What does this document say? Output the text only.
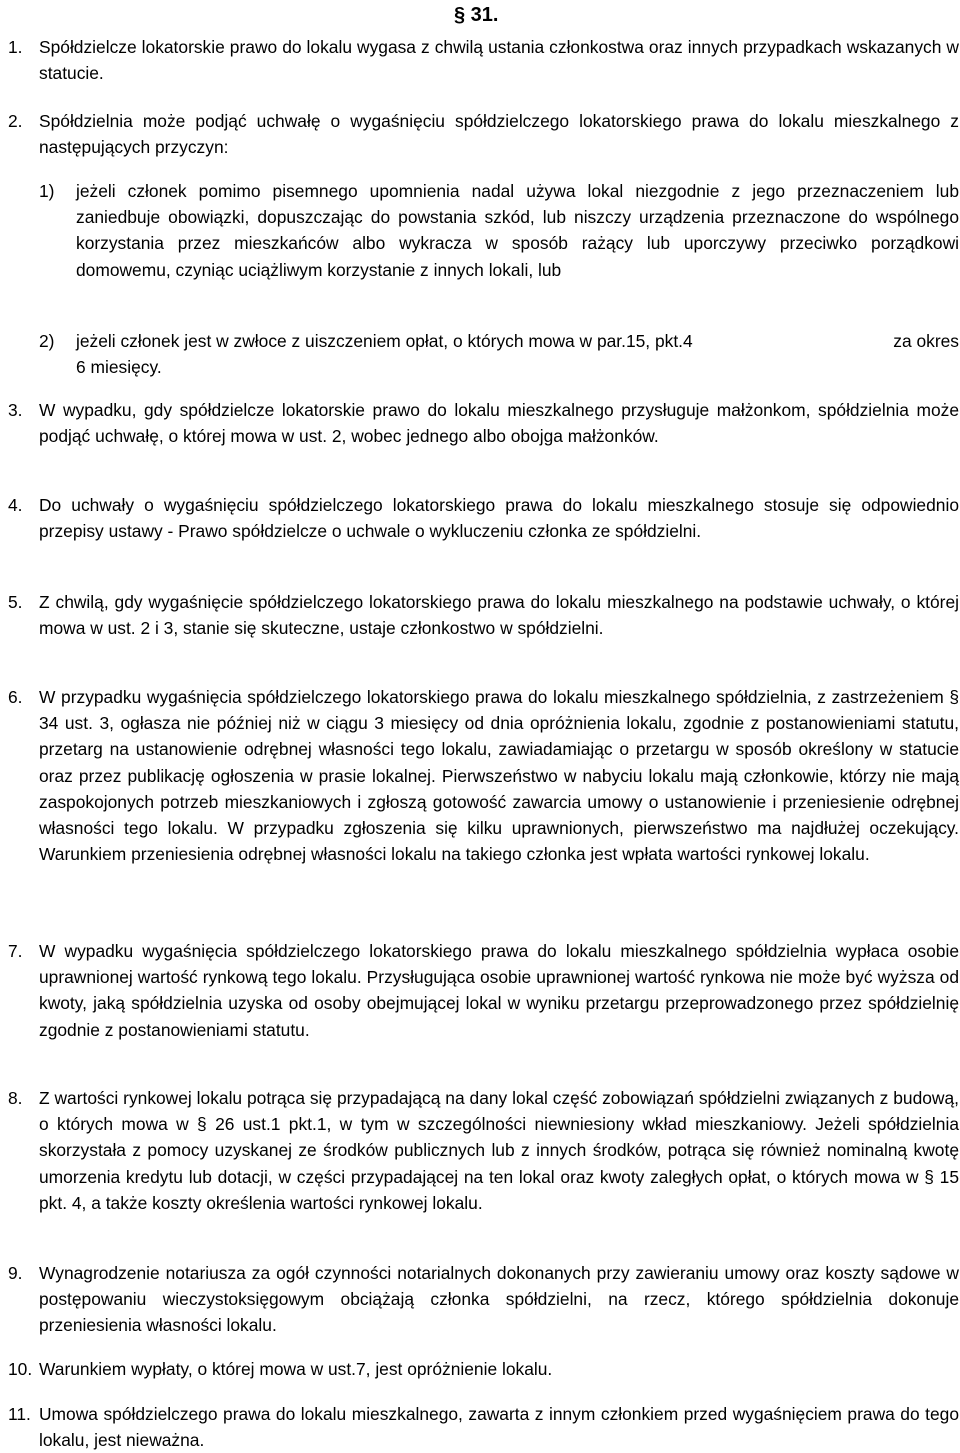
§ 31.
1. Spółdzielcze lokatorskie prawo do lokalu wygasa z chwilą ustania członkostwa oraz innych przypadkach wskazanych w statucie.
2. Spółdzielnia może podjąć uchwałę o wygaśnięciu spółdzielczego lokatorskiego prawa do lokalu mieszkalnego z następujących przyczyn:
1)	jeżeli członek pomimo pisemnego upomnienia nadal używa lokal niezgodnie z jego przeznaczeniem lub zaniedbuje obowiązki, dopuszczając do powstania szkód, lub niszczy urządzenia przeznaczone do wspólnego korzystania przez mieszkańców albo wykracza w sposób rażący lub uporczywy przeciwko porządkowi domowemu, czyniąc uciążliwym korzystanie z innych lokali, lub
2)	jeżeli członek jest w zwłoce z uiszczeniem opłat, o których mowa w par.15, pkt.4	za okres
6 miesięcy.
3. W wypadku, gdy spółdzielcze lokatorskie prawo do lokalu mieszkalnego przysługuje małżonkom, spółdzielnia może podjąć uchwałę, o której mowa w ust. 2, wobec jednego albo obojga małżonków.
4. Do uchwały o wygaśnięciu spółdzielczego lokatorskiego prawa do lokalu mieszkalnego stosuje się odpowiednio przepisy ustawy - Prawo spółdzielcze o uchwale o wykluczeniu członka ze spółdzielni.
5. Z chwilą, gdy wygaśnięcie spółdzielczego lokatorskiego prawa do lokalu mieszkalnego na podstawie uchwały, o której mowa w ust. 2 i 3, stanie się skuteczne, ustaje członkostwo w spółdzielni.
6. W przypadku wygaśnięcia spółdzielczego lokatorskiego prawa do lokalu mieszkalnego spółdzielnia, z zastrzeżeniem § 34 ust. 3, ogłasza nie później niż w ciągu 3 miesięcy od dnia opróżnienia lokalu, zgodnie z postanowieniami statutu, przetarg na ustanowienie odrębnej własności tego lokalu, zawiadamiając o przetargu w sposób określony w statucie oraz przez publikację ogłoszenia w prasie lokalnej. Pierwszeństwo w nabyciu lokalu mają członkowie, którzy nie mają zaspokojonych potrzeb mieszkaniowych i zgłoszą gotowość zawarcia umowy o ustanowienie i przeniesienie odrębnej własności tego lokalu. W przypadku zgłoszenia się kilku uprawnionych, pierwszeństwo ma najdłużej oczekujący. Warunkiem przeniesienia odrębnej własności lokalu na takiego członka jest wpłata wartości rynkowej lokalu.
7. W wypadku wygaśnięcia spółdzielczego lokatorskiego prawa do lokalu mieszkalnego spółdzielnia wypłaca osobie uprawnionej wartość rynkową tego lokalu. Przysługująca osobie uprawnionej wartość rynkowa nie może być wyższa od kwoty, jaką spółdzielnia uzyska od osoby obejmującej lokal w wyniku przetargu przeprowadzonego przez spółdzielnię zgodnie z postanowieniami statutu.
8. Z wartości rynkowej lokalu potrąca się przypadającą na dany lokal część zobowiązań spółdzielni związanych z budową, o których mowa w § 26 ust.1 pkt.1, w tym w szczególności niewniesiony wkład mieszkaniowy. Jeżeli spółdzielnia skorzystała z pomocy uzyskanej ze środków publicznych lub z innych środków, potrąca się również nominalną kwotę umorzenia kredytu lub dotacji, w części przypadającej na ten lokal oraz kwoty zaległych opłat, o których mowa w § 15 pkt. 4, a także koszty określenia wartości rynkowej lokalu.
9. Wynagrodzenie notariusza za ogół czynności notarialnych dokonanych przy zawieraniu umowy oraz koszty sądowe w postępowaniu wieczystoksięgowym obciążają członka spółdzielni, na rzecz, którego spółdzielnia dokonuje przeniesienia własności lokalu.
10. Warunkiem wypłaty, o której mowa w ust.7, jest opróżnienie lokalu.
11. Umowa spółdzielczego prawa do lokalu mieszkalnego, zawarta z innym członkiem przed wygaśnięciem prawa do tego lokalu, jest nieważna.
